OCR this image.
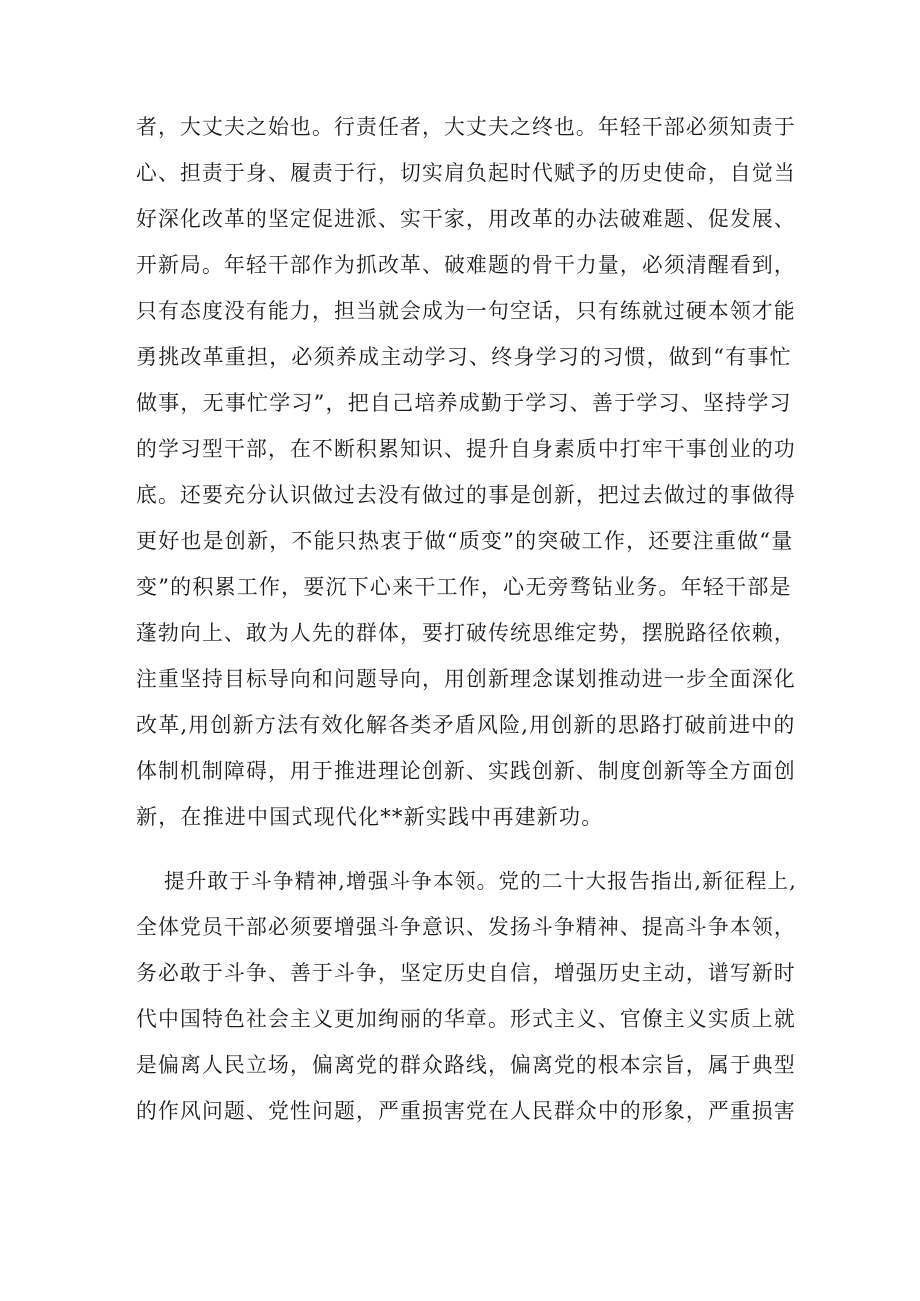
者，大丈夫之始也。行责任者，大丈夫之终也。年轻干部必须知责于
心、担责于身、履责于行，切实肩负起时代赋予的历史使命，自觉当
好深化改革的坚定促进派、实干家，用改革的办法破难题、促发展、
开新局。年轻干部作为抓改革、破难题的骨干力量，必须清醒看到，
只有态度没有能力，担当就会成为一句空话，只有练就过硬本领才能
勇挑改革重担，必须养成主动学习、终身学习的习惯，做到“有事忙
做事，无事忙学习”，把自己培养成勤于学习、善于学习、坚持学习
的学习型干部，在不断积累知识、提升自身素质中打牢干事创业的功
底。还要充分认识做过去没有做过的事是创新，把过去做过的事做得
更好也是创新，不能只热衷于做“质变”的突破工作，还要注重做“量
变”的积累工作，要沉下心来干工作，心无旁骛钻业务。年轻干部是
蓬勃向上、敢为人先的群体，要打破传统思维定势，摆脱路径依赖，
注重坚持目标导向和问题导向，用创新理念谋划推动进一步全面深化
改革,用创新方法有效化解各类矛盾风险,用创新的思路打破前进中的
体制机制障碍，用于推进理论创新、实践创新、制度创新等全方面创
新，在推进中国式现代化**新实践中再建新功。
提升敢于斗争精神,增强斗争本领。党的二十大报告指出,新征程上,
全体党员干部必须要增强斗争意识、发扬斗争精神、提高斗争本领，
务必敢于斗争、善于斗争，坚定历史自信，增强历史主动，谱写新时
代中国特色社会主义更加绚丽的华章。形式主义、官僚主义实质上就
是偏离人民立场，偏离党的群众路线，偏离党的根本宗旨，属于典型
的作风问题、党性问题，严重损害党在人民群众中的形象，严重损害
